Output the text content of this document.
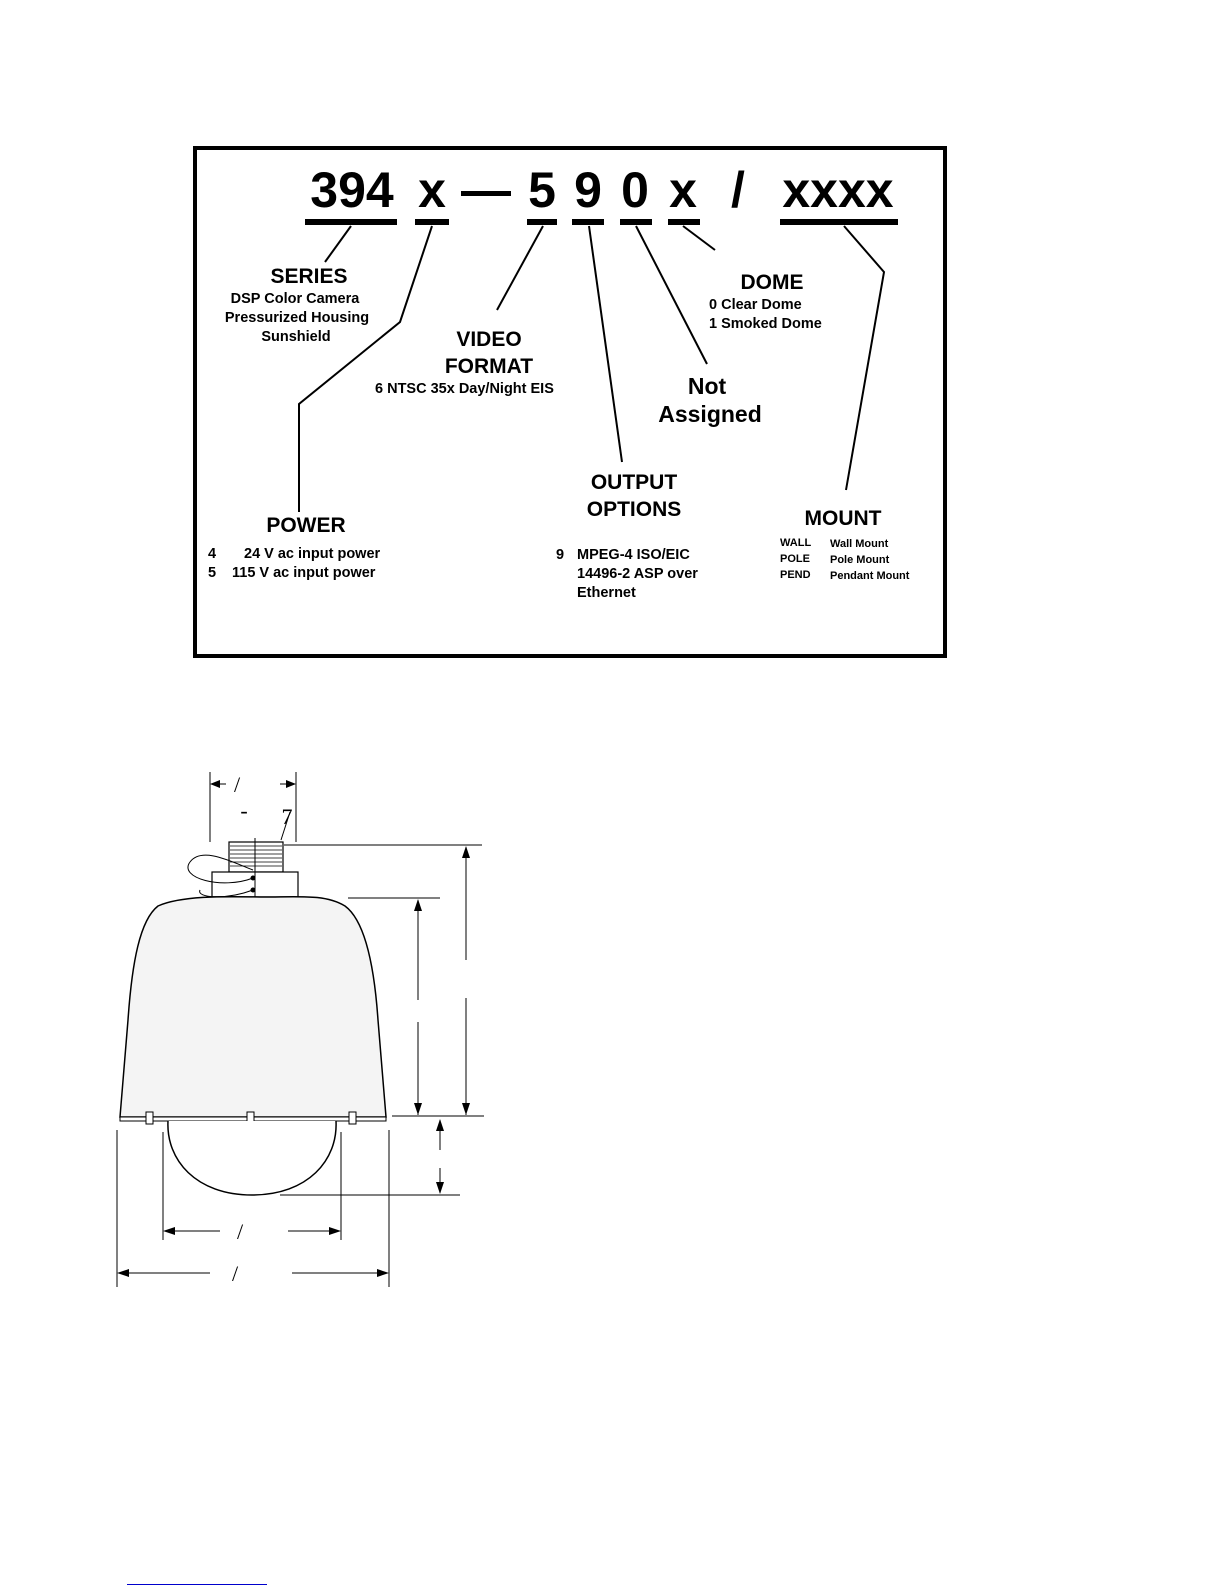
394 x — 5 9 0 x / xxxx
SERIES
DSP Color Camera
Pressurized Housing
Sunshield	VIDEO
FORMAT
6 NTSC 35x Day/Night EIS
DOME
0 Clear Dome
1 Smoked Dome
Not
Assigned
OUTPUT
OPTIONS
9 MPEG-4 ISO/EIC
14496-2 ASP over
Ethernet
POWER
4 24 V ac input power
5 115 V ac input power
MOUNT
WALL Wall Mount
POLE Pole Mount
PEND Pendant Mount
/
- 7
/
/
